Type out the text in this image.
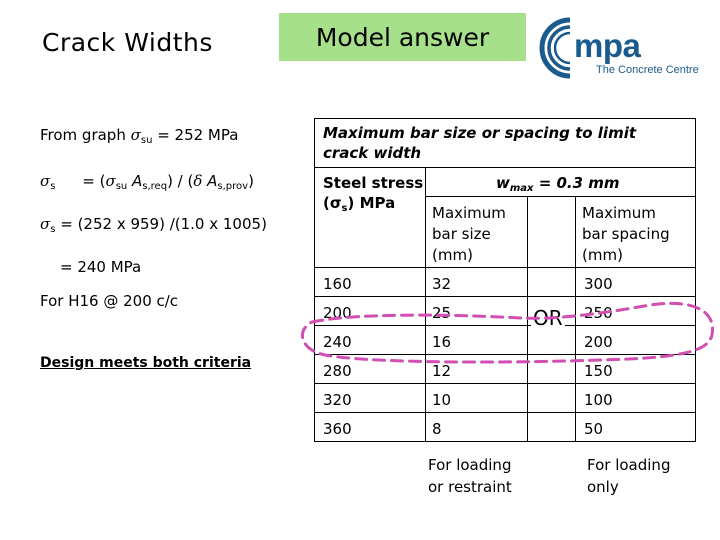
Crack Widths	Model answer	mpa
The Concrete Centre
From graph $\sigma_{su} = 252$ MPa
$\sigma_s = (\sigma_{su}$ $A_{s,req}) / (\delta$ $A_{s,prov}$)
$\sigma_s = (252$ x 959) /(1.0 x 1005)
= 240 MPa
For H16 @ 200 c/c
Design meets both criteria
Maximum bar size or spacing to limit
crack width
Steel stress
$(\sigma_s)$ MPa
$w_{max} = 0.3$ mm
Maximum
bar size
(mm)
Maximum
bar spacing
(mm)
160	32	300
200	25	250
240	16	200
280	12	150
320	10	100
360	8	50
OR
For loading
or restraint
For loading
only
